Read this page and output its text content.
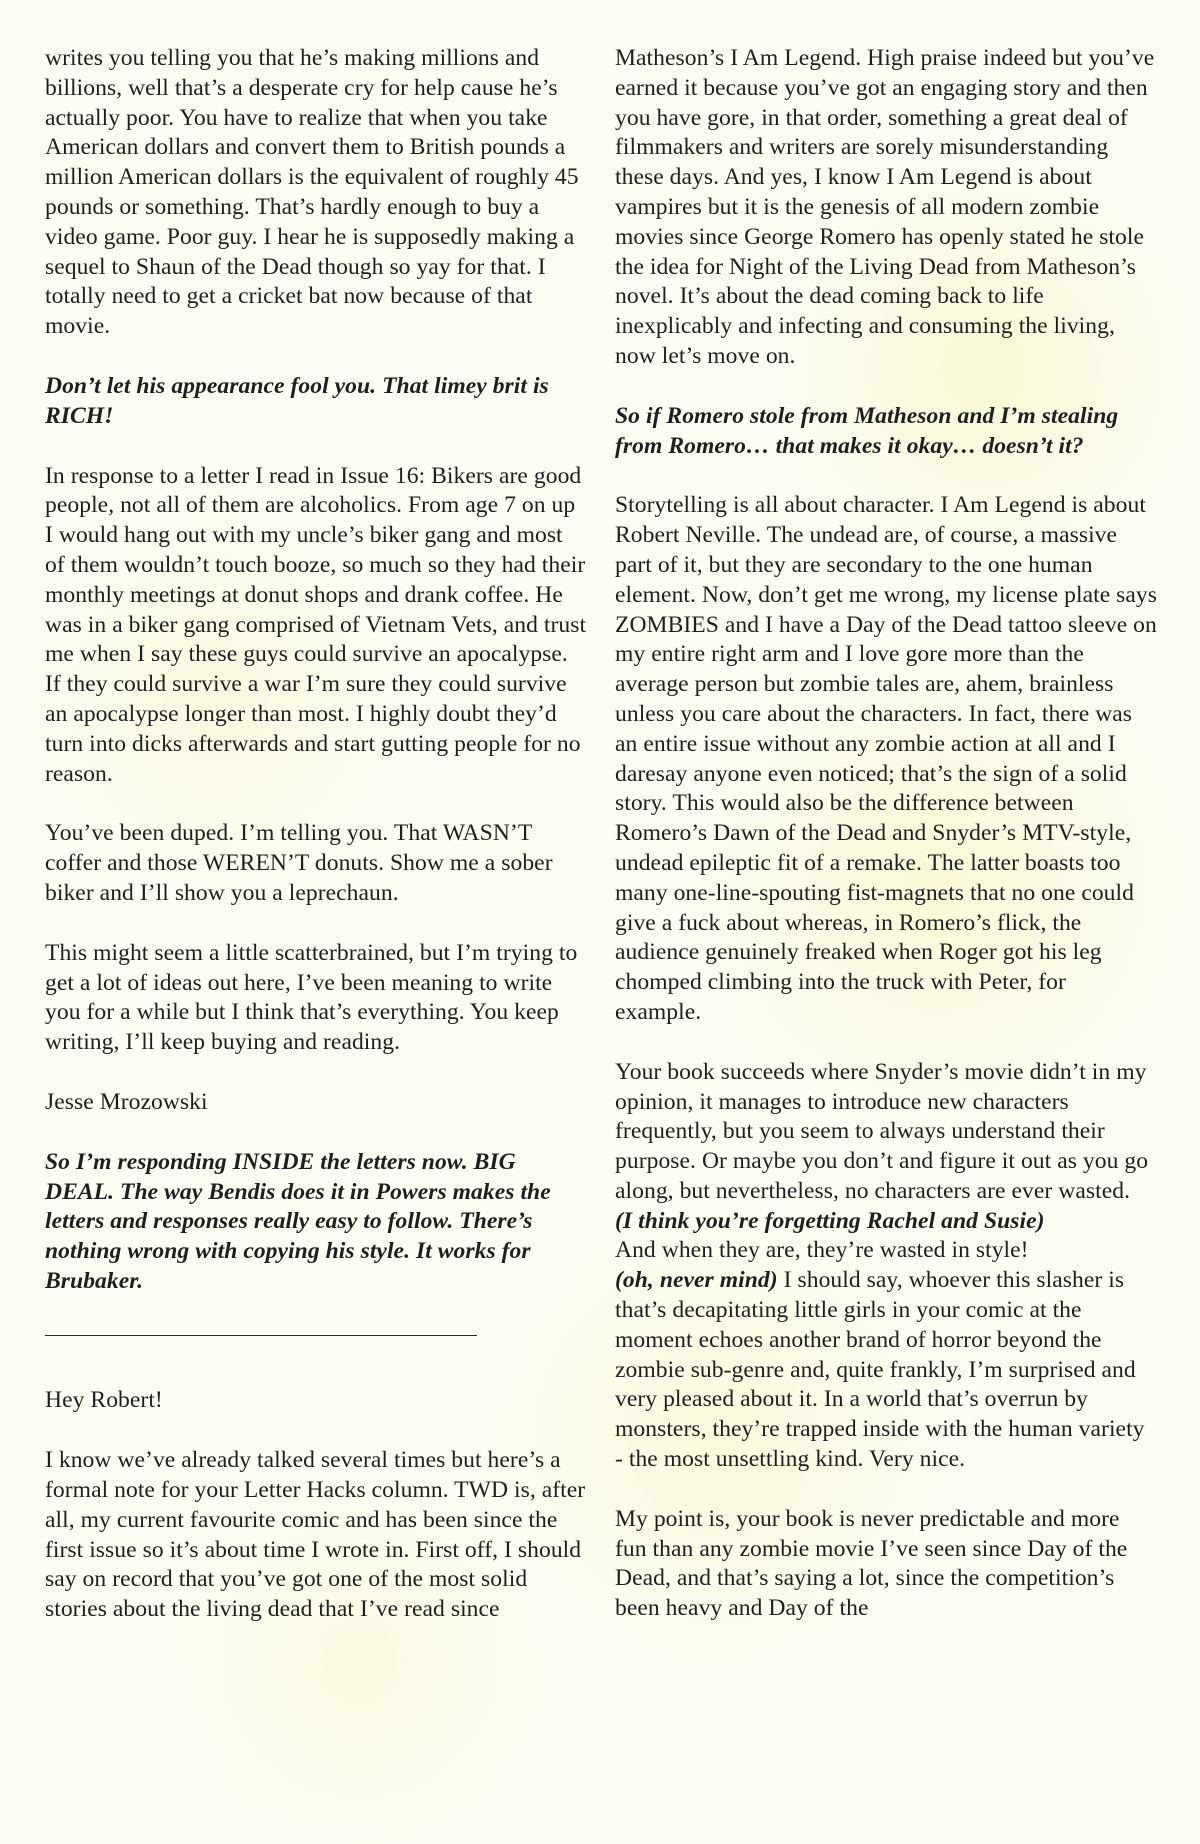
writes you telling you that he’s making millions and billions, well that’s a desperate cry for help cause he’s actually poor. You have to realize that when you take American dollars and convert them to British pounds a million American dollars is the equivalent of roughly 45 pounds or something. That’s hardly enough to buy a video game. Poor guy. I hear he is supposedly making a sequel to Shaun of the Dead though so yay for that. I totally need to get a cricket bat now because of that movie.

Don’t let his appearance fool you. That limey brit is RICH!

In response to a letter I read in Issue 16: Bikers are good people, not all of them are alcoholics. From age 7 on up I would hang out with my uncle’s biker gang and most of them wouldn’t touch booze, so much so they had their monthly meetings at donut shops and drank coffee. He was in a biker gang comprised of Vietnam Vets, and trust me when I say these guys could survive an apocalypse. If they could survive a war I’m sure they could survive an apocalypse longer than most. I highly doubt they’d turn into dicks afterwards and start gutting people for no reason.

You’ve been duped. I’m telling you. That WASN’T coffer and those WEREN’T donuts. Show me a sober biker and I’ll show you a leprechaun.

This might seem a little scatterbrained, but I’m trying to get a lot of ideas out here, I’ve been meaning to write you for a while but I think that’s everything. You keep writing, I’ll keep buying and reading.

Jesse Mrozowski

So I’m responding INSIDE the letters now. BIG DEAL. The way Bendis does it in Powers makes the letters and responses really easy to follow. There’s nothing wrong with copying his style. It works for Brubaker.

Hey Robert!

I know we’ve already talked several times but here’s a formal note for your Letter Hacks column. TWD is, after all, my current favourite comic and has been since the first issue so it’s about time I wrote in. First off, I should say on record that you’ve got one of the most solid stories about the living dead that I’ve read since

Matheson’s I Am Legend. High praise indeed but you’ve earned it because you’ve got an engaging story and then you have gore, in that order, something a great deal of filmmakers and writers are sorely misunderstanding these days. And yes, I know I Am Legend is about vampires but it is the genesis of all modern zombie movies since George Romero has openly stated he stole the idea for Night of the Living Dead from Matheson’s novel. It’s about the dead coming back to life inexplicably and infecting and consuming the living, now let’s move on.

So if Romero stole from Matheson and I’m stealing from Romero… that makes it okay… doesn’t it?

Storytelling is all about character. I Am Legend is about Robert Neville. The undead are, of course, a massive part of it, but they are secondary to the one human element. Now, don’t get me wrong, my license plate says ZOMBIES and I have a Day of the Dead tattoo sleeve on my entire right arm and I love gore more than the average person but zombie tales are, ahem, brainless unless you care about the characters. In fact, there was an entire issue without any zombie action at all and I daresay anyone even noticed; that’s the sign of a solid story. This would also be the difference between Romero’s Dawn of the Dead and Snyder’s MTV-style, undead epileptic fit of a remake. The latter boasts too many one-line-spouting fist-magnets that no one could give a fuck about whereas, in Romero’s flick, the audience genuinely freaked when Roger got his leg chomped climbing into the truck with Peter, for example.

Your book succeeds where Snyder’s movie didn’t in my opinion, it manages to introduce new characters frequently, but you seem to always understand their purpose. Or maybe you don’t and figure it out as you go along, but nevertheless, no characters are ever wasted.
(I think you’re forgetting Rachel and Susie)
And when they are, they’re wasted in style!
(oh, never mind) I should say, whoever this slasher is that’s decapitating little girls in your comic at the moment echoes another brand of horror beyond the zombie sub-genre and, quite frankly, I’m surprised and very pleased about it. In a world that’s overrun by monsters, they’re trapped inside with the human variety - the most unsettling kind. Very nice.

My point is, your book is never predictable and more fun than any zombie movie I’ve seen since Day of the Dead, and that’s saying a lot, since the competition’s been heavy and Day of the
